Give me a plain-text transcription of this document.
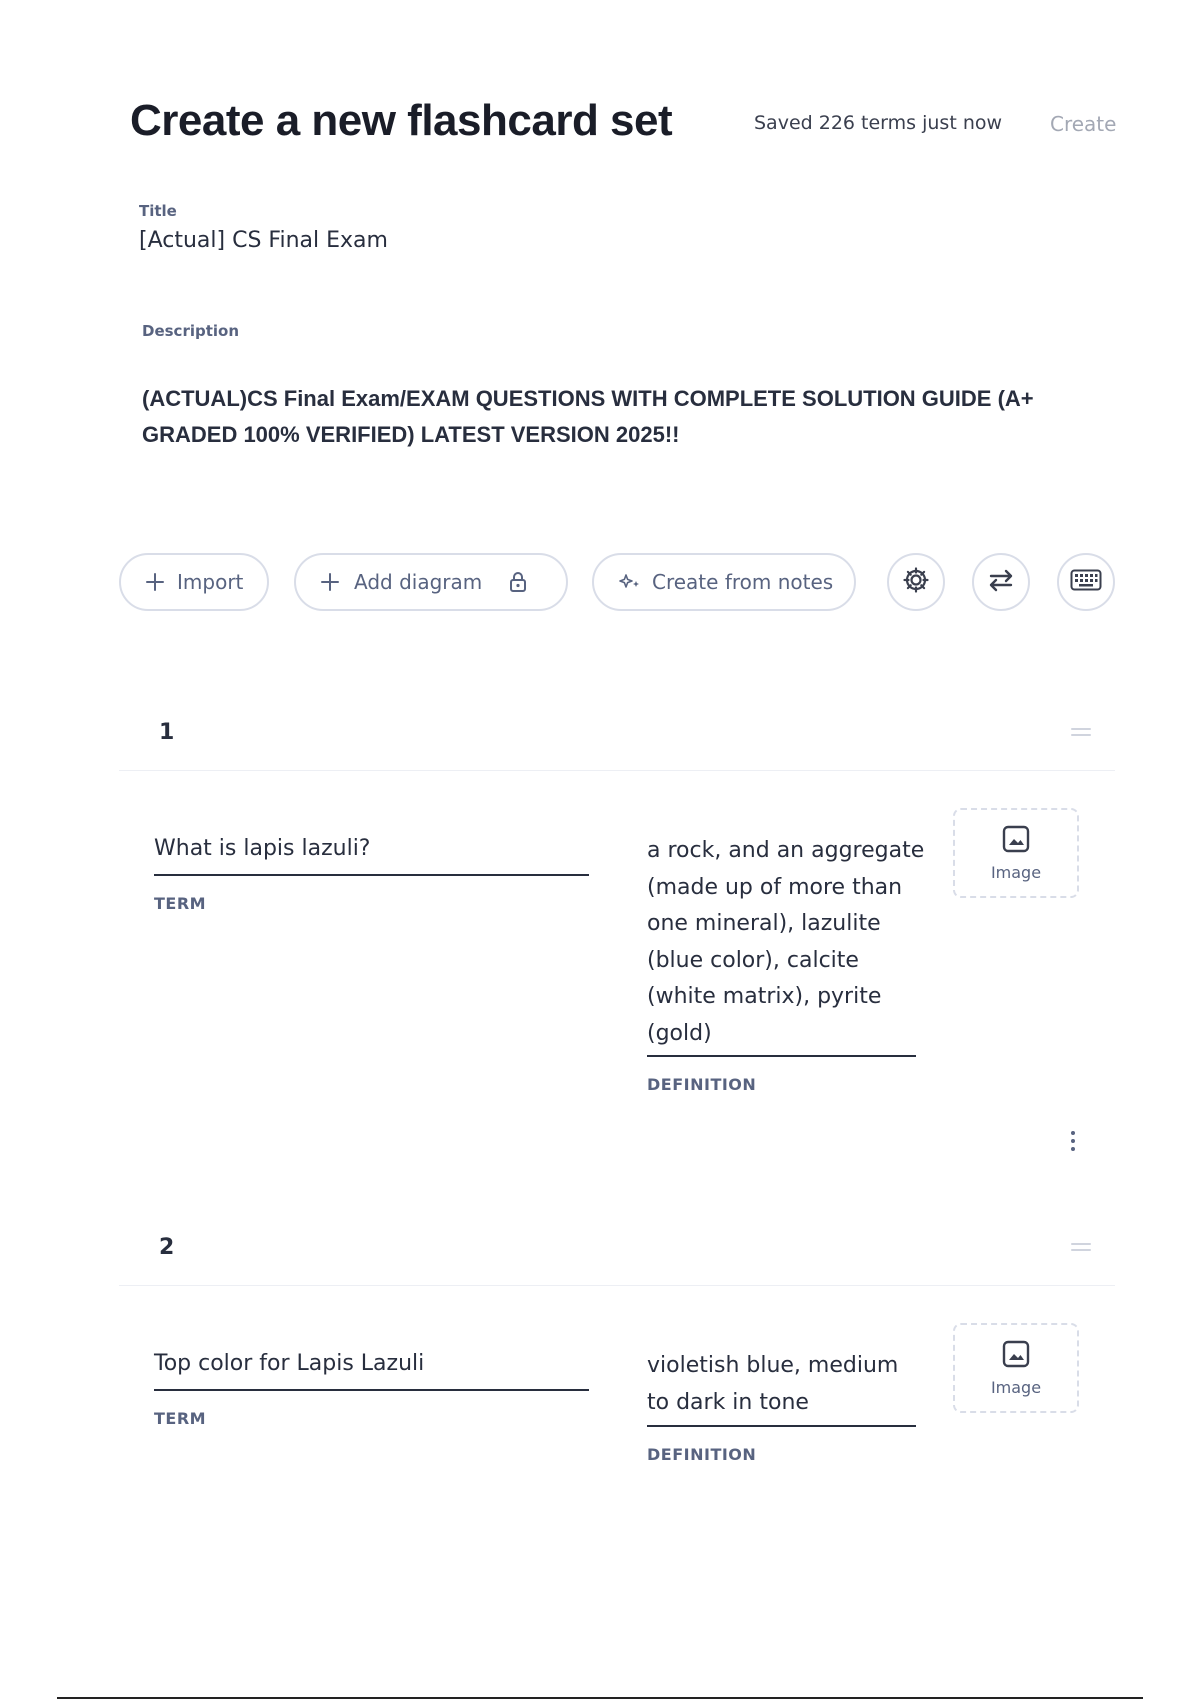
Create a new flashcard set	Saved 226 terms just now Create
Title
[Actual] CS Final Exam
Description
(ACTUAL)CS Final Exam/EXAM QUESTIONS WITH COMPLETE SOLUTION GUIDE (A+ GRADED 100% VERIFIED) LATEST VERSION 2025!!
Import	Add diagram	Create from notes
1
What is lapis lazuli?
TERM
a rock, and an aggregate (made up of more than one mineral), lazulite (blue color), calcite (white matrix), pyrite (gold)
DEFINITION
Image
2
Top color for Lapis Lazuli
TERM
violetish blue, medium to dark in tone
DEFINITION
Image
